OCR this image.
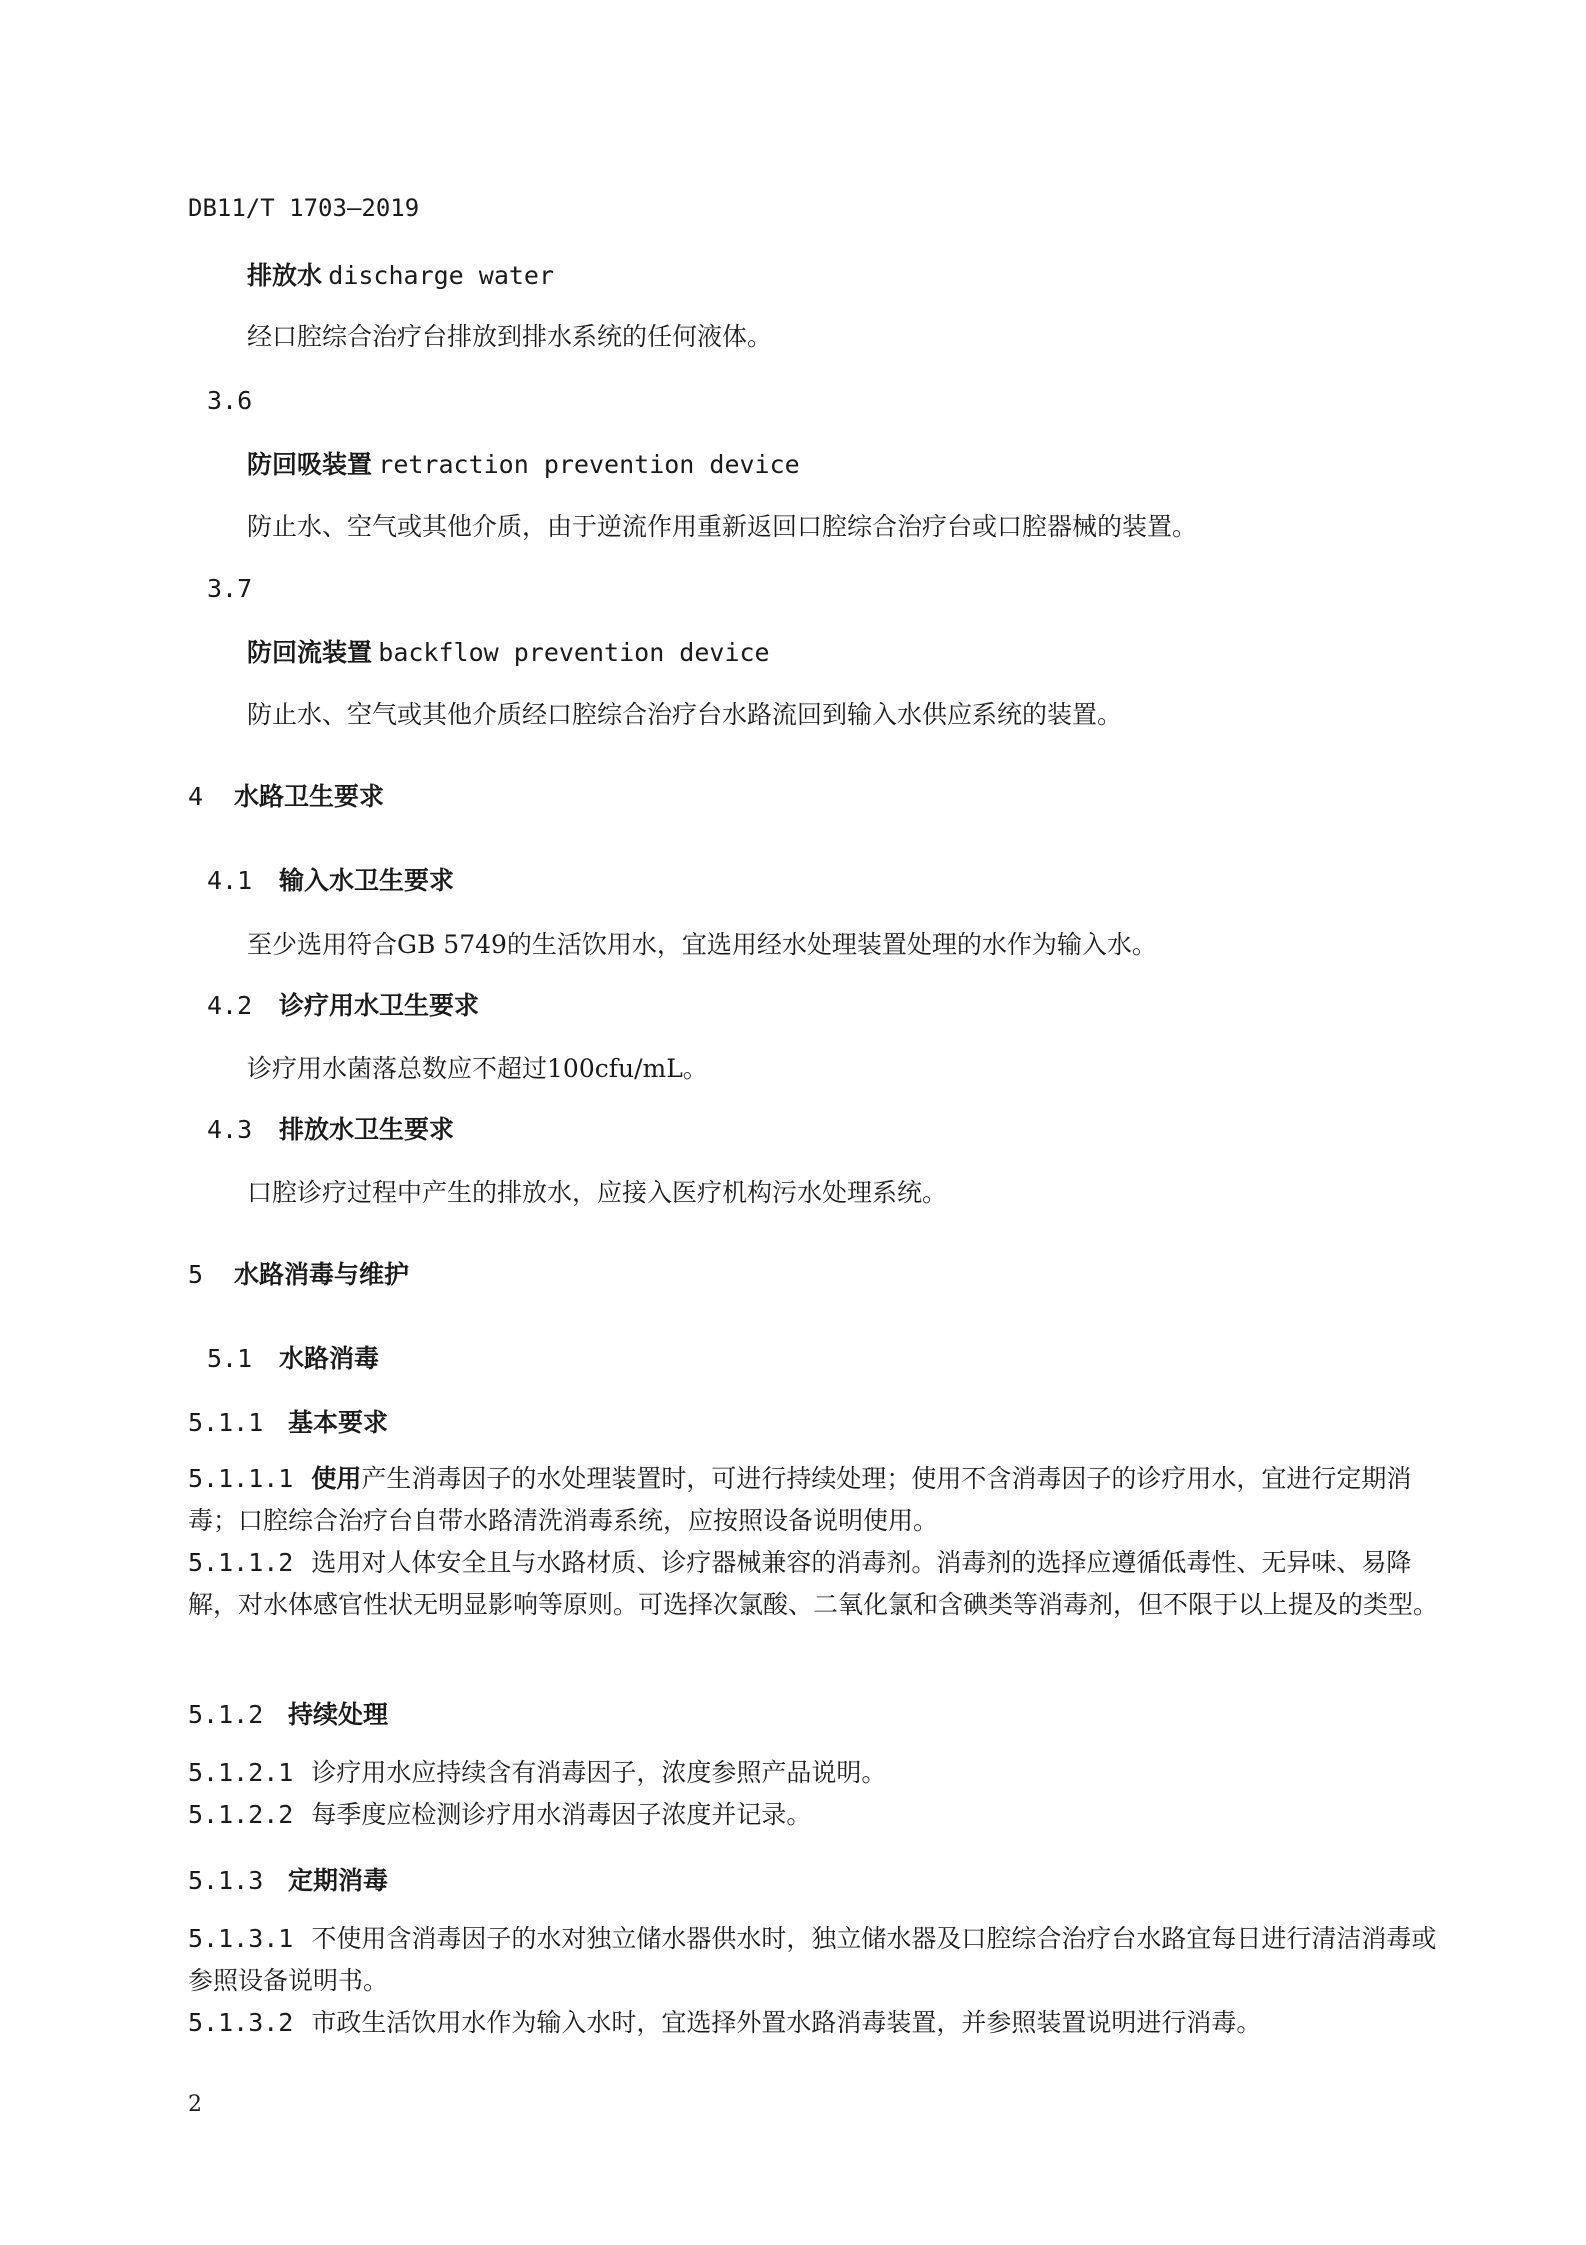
DB11/T 1703—2019
排放水 discharge water
经口腔综合治疗台排放到排水系统的任何液体。
3.6
防回吸装置 retraction prevention device
防止水、空气或其他介质，由于逆流作用重新返回口腔综合治疗台或口腔器械的装置。
3.7
防回流装置 backflow prevention device
防止水、空气或其他介质经口腔综合治疗台水路流回到输入水供应系统的装置。
4 水路卫生要求
4.1 输入水卫生要求
至少选用符合GB 5749的生活饮用水，宜选用经水处理装置处理的水作为输入水。
4.2 诊疗用水卫生要求
诊疗用水菌落总数应不超过100cfu/mL。
4.3 排放水卫生要求
口腔诊疗过程中产生的排放水，应接入医疗机构污水处理系统。
5 水路消毒与维护
5.1 水路消毒
5.1.1 基本要求
5.1.1.1 使用产生消毒因子的水处理装置时，可进行持续处理；使用不含消毒因子的诊疗用水，宜进行定期消毒；口腔综合治疗台自带水路清洗消毒系统，应按照设备说明使用。
5.1.1.2 选用对人体安全且与水路材质、诊疗器械兼容的消毒剂。消毒剂的选择应遵循低毒性、无异味、易降解，对水体感官性状无明显影响等原则。可选择次氯酸、二氧化氯和含碘类等消毒剂，但不限于以上提及的类型。
5.1.2 持续处理
5.1.2.1 诊疗用水应持续含有消毒因子，浓度参照产品说明。
5.1.2.2 每季度应检测诊疗用水消毒因子浓度并记录。
5.1.3 定期消毒
5.1.3.1 不使用含消毒因子的水对独立储水器供水时，独立储水器及口腔综合治疗台水路宜每日进行清洁消毒或参照设备说明书。
5.1.3.2 市政生活饮用水作为输入水时，宜选择外置水路消毒装置，并参照装置说明进行消毒。
2
